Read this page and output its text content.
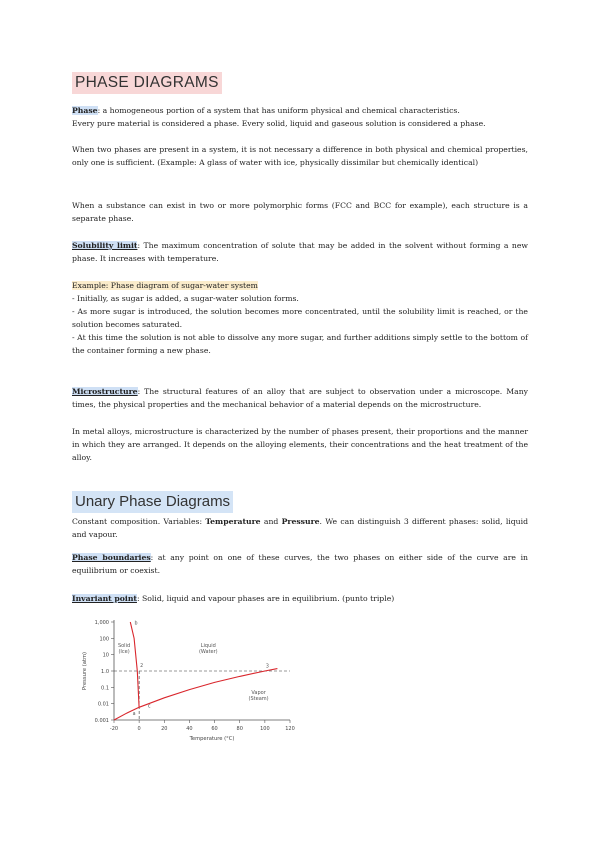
PHASE DIAGRAMS
Phase: a homogeneous portion of a system that has uniform physical and chemical characteristics.
Every pure material is considered a phase. Every solid, liquid and gaseous solution is considered a phase.
When two phases are present in a system, it is not necessary a difference in both physical and chemical properties, only one is sufficient. (Example: A glass of water with ice, physically dissimilar but chemically identical)
When a substance can exist in two or more polymorphic forms (FCC and BCC for example), each structure is a separate phase.
Solubility limit: The maximum concentration of solute that may be added in the solvent without forming a new phase. It increases with temperature.
Example: Phase diagram of sugar-water system
- Initially, as sugar is added, a sugar-water solution forms.
- As more sugar is introduced, the solution becomes more concentrated, until the solubility limit is reached, or the solution becomes saturated.
- At this time the solution is not able to dissolve any more sugar, and further additions simply settle to the bottom of the container forming a new phase.
Microstructure: The structural features of an alloy that are subject to observation under a microscope. Many times, the physical properties and the mechanical behavior of a material depends on the microstructure.
In metal alloys, microstructure is characterized by the number of phases present, their proportions and the manner in which they are arranged. It depends on the alloying elements, their concentrations and the heat treatment of the alloy.
Unary Phase Diagrams
Constant composition. Variables: Temperature and Pressure. We can distinguish 3 different phases: solid, liquid and vapour.
Phase boundaries: at any point on one of these curves, the two phases on either side of the curve are in equilibrium or coexist.
Invariant point: Solid, liquid and vapour phases are in equilibrium. (punto triple)
1,000
100
10
1.0
0.1
0.01
0.001
-20	0	20	40	60	80	100	120
Temperature (°C)
Pressure (atm)
Solid (Ice)
Liquid (Water)
Vapor (Steam)
a
b
c
2	3
